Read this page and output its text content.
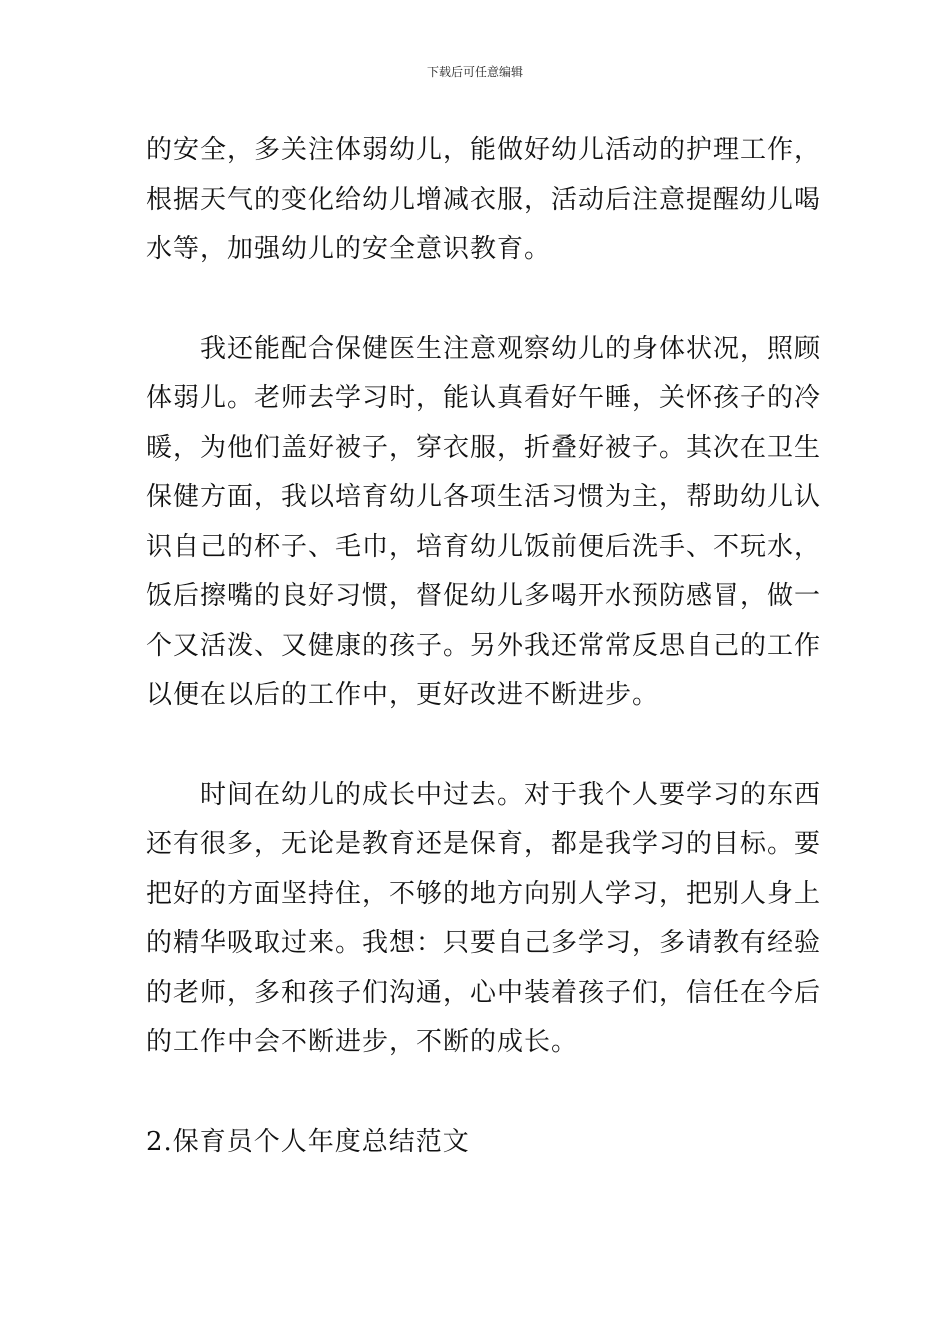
下载后可任意编辑

的安全，多关注体弱幼儿，能做好幼儿活动的护理工作，
根据天气的变化给幼儿增减衣服，活动后注意提醒幼儿喝
水等，加强幼儿的安全意识教育。

我还能配合保健医生注意观察幼儿的身体状况，照顾
体弱儿。老师去学习时，能认真看好午睡，关怀孩子的冷
暖，为他们盖好被子，穿衣服，折叠好被子。其次在卫生
保健方面，我以培育幼儿各项生活习惯为主，帮助幼儿认
识自己的杯子、毛巾，培育幼儿饭前便后洗手、不玩水，
饭后擦嘴的良好习惯，督促幼儿多喝开水预防感冒，做一
个又活泼、又健康的孩子。另外我还常常反思自己的工作
以便在以后的工作中，更好改进不断进步。

时间在幼儿的成长中过去。对于我个人要学习的东西
还有很多，无论是教育还是保育，都是我学习的目标。要
把好的方面坚持住，不够的地方向别人学习，把别人身上
的精华吸取过来。我想：只要自己多学习，多请教有经验
的老师，多和孩子们沟通，心中装着孩子们，信任在今后
的工作中会不断进步，不断的成长。

2.保育员个人年度总结范文
